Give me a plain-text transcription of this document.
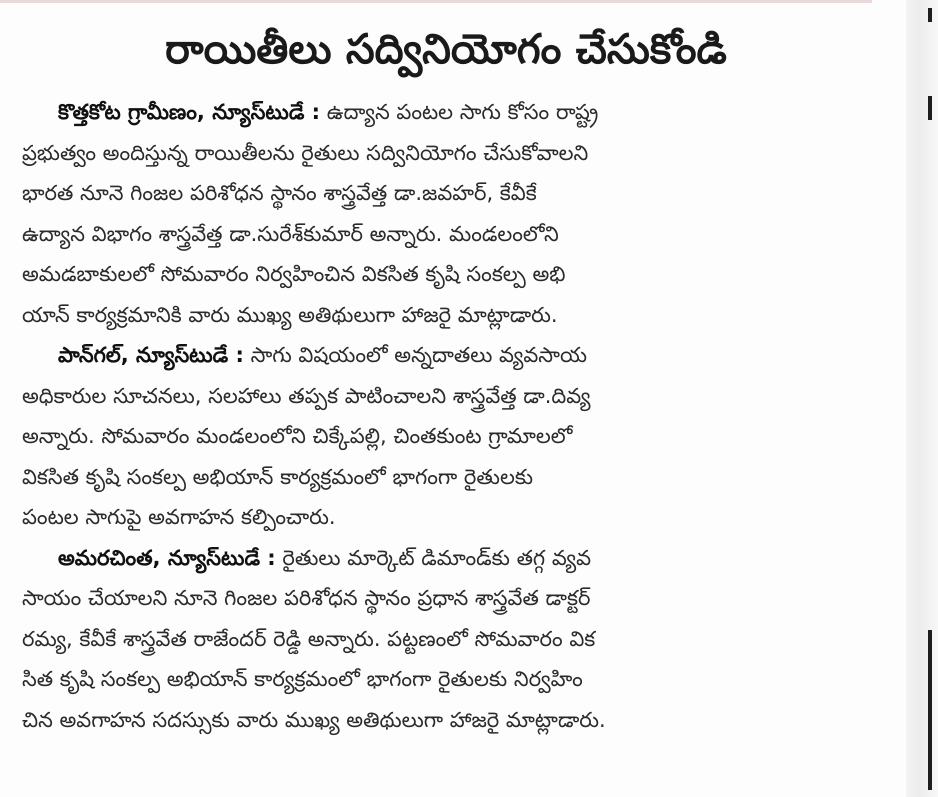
రాయితీలు సద్వినియోగం చేసుకోండి

కొత్తకోట గ్రామీణం, న్యూస్‌టుడే : ఉద్యాన పంటల సాగు కోసం రాష్ట్ర
ప్రభుత్వం అందిస్తున్న రాయితీలను రైతులు సద్వినియోగం చేసుకోవాలని
భారత నూనె గింజల పరిశోధన స్థానం శాస్త్రవేత్త డా.జవహర్, కేవీకే
ఉద్యాన విభాగం శాస్త్రవేత్త డా.సురేశ్‌కుమార్ అన్నారు. మండలంలోని
అమడబాకులలో సోమవారం నిర్వహించిన వికసిత కృషి సంకల్ప అభి
యాన్ కార్యక్రమానికి వారు ముఖ్య అతిథులుగా హాజరై మాట్లాడారు.

పాన్‌గల్, న్యూస్‌టుడే : సాగు విషయంలో అన్నదాతలు వ్యవసాయ
అధికారుల సూచనలు, సలహాలు తప్పక పాటించాలని శాస్త్రవేత్త డా.దివ్య
అన్నారు. సోమవారం మండలంలోని చిక్కేపల్లి, చింతకుంట గ్రామాలలో
వికసిత కృషి సంకల్ప అభియాన్ కార్యక్రమంలో భాగంగా రైతులకు
పంటల సాగుపై అవగాహన కల్పించారు.

అమరచింత, న్యూస్‌టుడే : రైతులు మార్కెట్ డిమాండ్‌కు తగ్గ వ్యవ
సాయం చేయాలని నూనె గింజల పరిశోధన స్థానం ప్రధాన శాస్త్రవేత డాక్టర్
రమ్య, కేవీకే శాస్త్రవేత రాజేందర్ రెడ్డి అన్నారు. పట్టణంలో సోమవారం విక
సిత కృషి సంకల్ప అభియాన్ కార్యక్రమంలో భాగంగా రైతులకు నిర్వహిం
చిన అవగాహన సదస్సుకు వారు ముఖ్య అతిథులుగా హాజరై మాట్లాడారు.
